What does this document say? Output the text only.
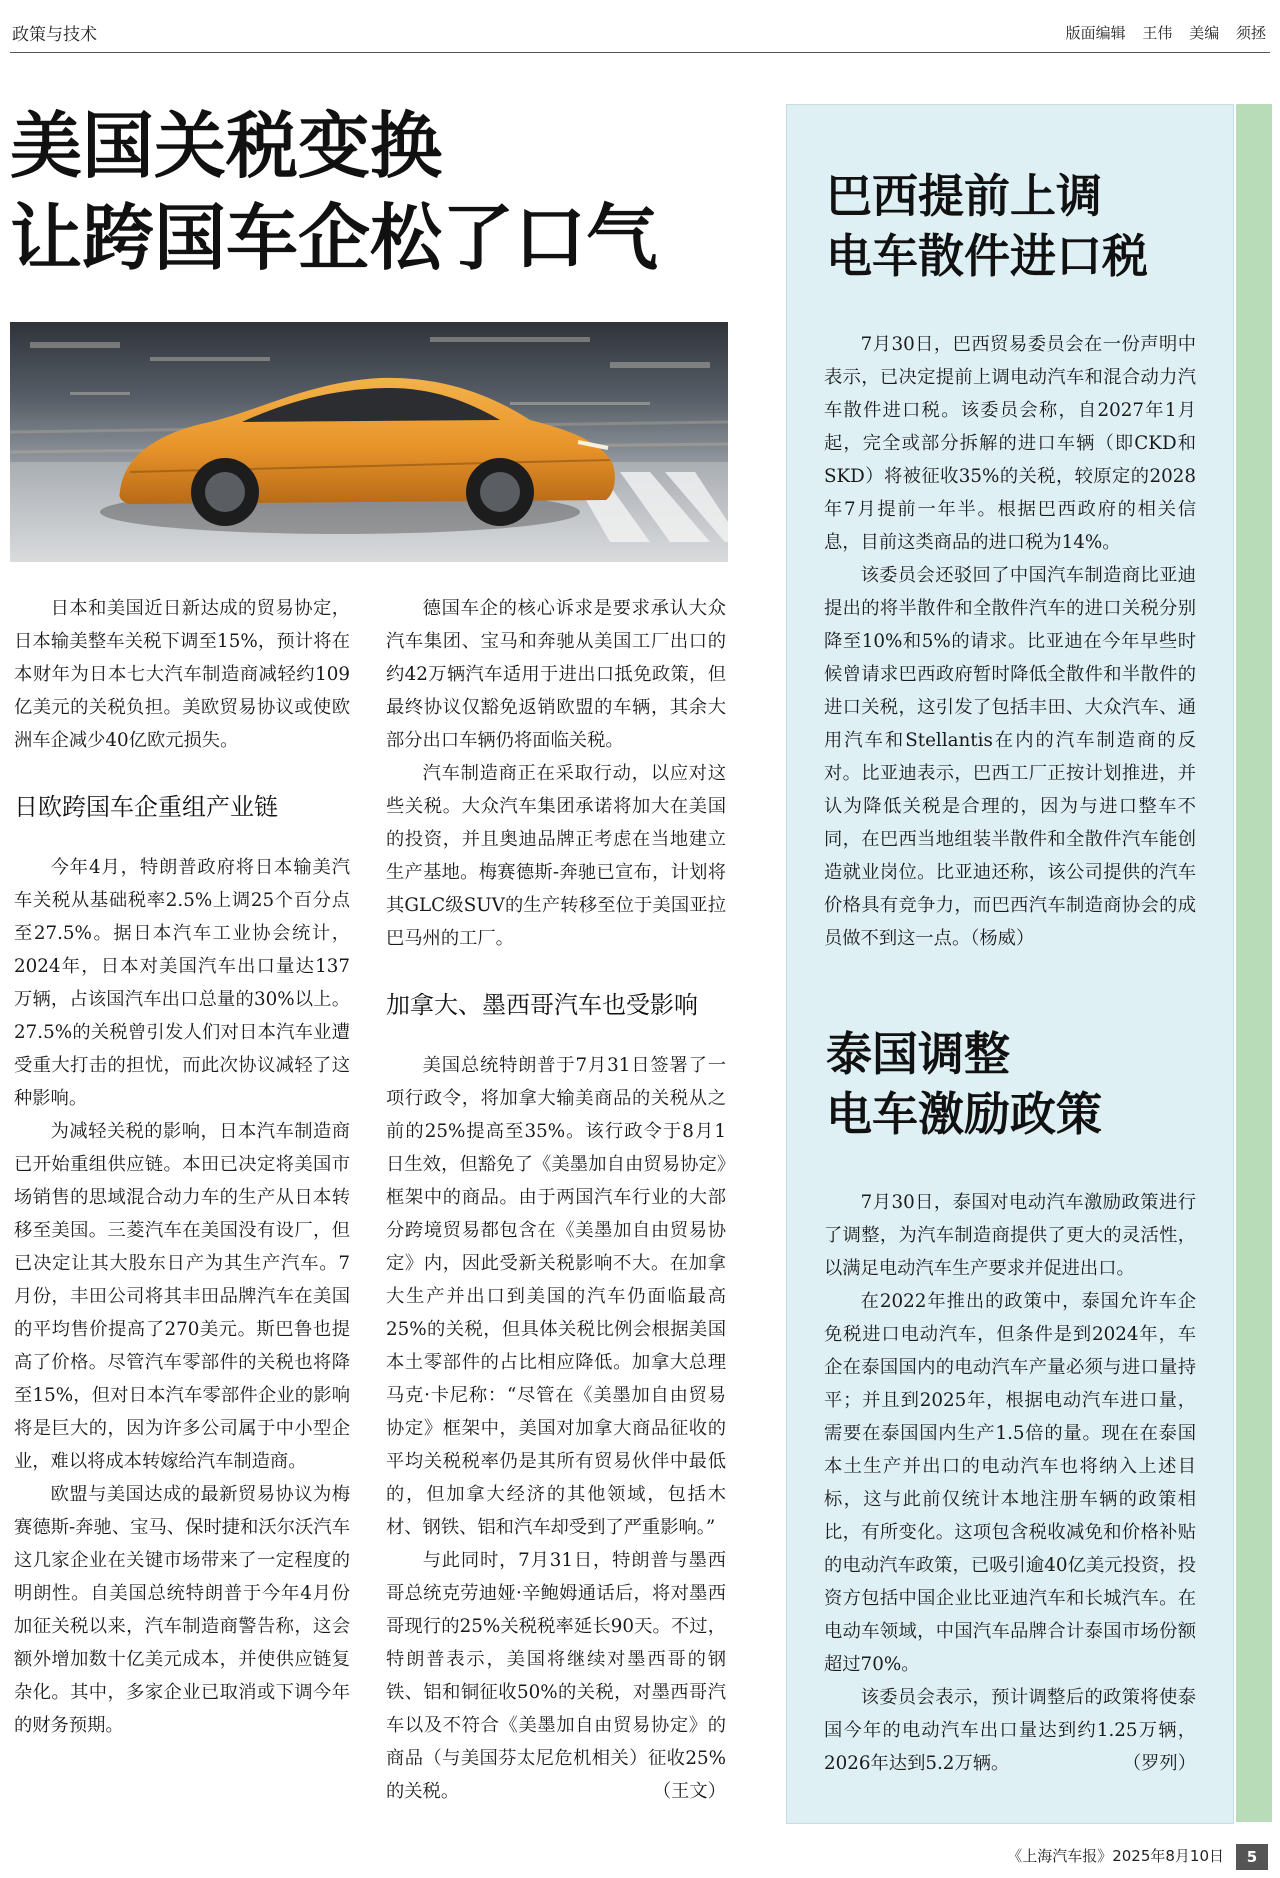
政策与技术	版面编辑 王伟 美编 须拯
美国关税变换
让跨国车企松了口气

日本和美国近日新达成的贸易协定，日本输美整车关税下调至15%，预计将在本财年为日本七大汽车制造商减轻约109亿美元的关税负担。美欧贸易协议或使欧洲车企减少40亿欧元损失。

日欧跨国车企重组产业链

今年4月，特朗普政府将日本输美汽车关税从基础税率2.5%上调25个百分点至27.5%。据日本汽车工业协会统计，2024年，日本对美国汽车出口量达137万辆，占该国汽车出口总量的30%以上。27.5%的关税曾引发人们对日本汽车业遭受重大打击的担忧，而此次协议减轻了这种影响。

为减轻关税的影响，日本汽车制造商已开始重组供应链。本田已决定将美国市场销售的思域混合动力车的生产从日本转移至美国。三菱汽车在美国没有设厂，但已决定让其大股东日产为其生产汽车。7月份，丰田公司将其丰田品牌汽车在美国的平均售价提高了270美元。斯巴鲁也提高了价格。尽管汽车零部件的关税也将降至15%，但对日本汽车零部件企业的影响将是巨大的，因为许多公司属于中小型企业，难以将成本转嫁给汽车制造商。

欧盟与美国达成的最新贸易协议为梅赛德斯-奔驰、宝马、保时捷和沃尔沃汽车这几家企业在关键市场带来了一定程度的明朗性。自美国总统特朗普于今年4月份加征关税以来，汽车制造商警告称，这会额外增加数十亿美元成本，并使供应链复杂化。其中，多家企业已取消或下调今年的财务预期。

德国车企的核心诉求是要求承认大众汽车集团、宝马和奔驰从美国工厂出口的约42万辆汽车适用于进出口抵免政策，但最终协议仅豁免返销欧盟的车辆，其余大部分出口车辆仍将面临关税。

汽车制造商正在采取行动，以应对这些关税。大众汽车集团承诺将加大在美国的投资，并且奥迪品牌正考虑在当地建立生产基地。梅赛德斯-奔驰已宣布，计划将其GLC级SUV的生产转移至位于美国亚拉巴马州的工厂。

加拿大、墨西哥汽车也受影响

美国总统特朗普于7月31日签署了一项行政令，将加拿大输美商品的关税从之前的25%提高至35%。该行政令于8月1日生效，但豁免了《美墨加自由贸易协定》框架中的商品。由于两国汽车行业的大部分跨境贸易都包含在《美墨加自由贸易协定》内，因此受新关税影响不大。在加拿大生产并出口到美国的汽车仍面临最高25%的关税，但具体关税比例会根据美国本土零部件的占比相应降低。加拿大总理马克·卡尼称：“尽管在《美墨加自由贸易协定》框架中，美国对加拿大商品征收的平均关税税率仍是其所有贸易伙伴中最低的，但加拿大经济的其他领域，包括木材、钢铁、铝和汽车却受到了严重影响。”

与此同时，7月31日，特朗普与墨西哥总统克劳迪娅·辛鲍姆通话后，将对墨西哥现行的25%关税税率延长90天。不过，特朗普表示，美国将继续对墨西哥的钢铁、铝和铜征收50%的关税，对墨西哥汽车以及不符合《美墨加自由贸易协定》的商品（与美国芬太尼危机相关）征收25%的关税。	（王文）

巴西提前上调
电车散件进口税

7月30日，巴西贸易委员会在一份声明中表示，已决定提前上调电动汽车和混合动力汽车散件进口税。该委员会称，自2027年1月起，完全或部分拆解的进口车辆（即CKD和SKD）将被征收35%的关税，较原定的2028年7月提前一年半。根据巴西政府的相关信息，目前这类商品的进口税为14%。

该委员会还驳回了中国汽车制造商比亚迪提出的将半散件和全散件汽车的进口关税分别降至10%和5%的请求。比亚迪在今年早些时候曾请求巴西政府暂时降低全散件和半散件的进口关税，这引发了包括丰田、大众汽车、通用汽车和Stellantis在内的汽车制造商的反对。比亚迪表示，巴西工厂正按计划推进，并认为降低关税是合理的，因为与进口整车不同，在巴西当地组装半散件和全散件汽车能创造就业岗位。比亚迪还称，该公司提供的汽车价格具有竞争力，而巴西汽车制造商协会的成员做不到这一点。（杨威）

泰国调整
电车激励政策

7月30日，泰国对电动汽车激励政策进行了调整，为汽车制造商提供了更大的灵活性，以满足电动汽车生产要求并促进出口。

在2022年推出的政策中，泰国允许车企免税进口电动汽车，但条件是到2024年，车企在泰国国内的电动汽车产量必须与进口量持平；并且到2025年，根据电动汽车进口量，需要在泰国国内生产1.5倍的量。现在在泰国本土生产并出口的电动汽车也将纳入上述目标，这与此前仅统计本地注册车辆的政策相比，有所变化。这项包含税收减免和价格补贴的电动汽车政策，已吸引逾40亿美元投资，投资方包括中国企业比亚迪汽车和长城汽车。在电动车领域，中国汽车品牌合计泰国市场份额超过70%。

该委员会表示，预计调整后的政策将使泰国今年的电动汽车出口量达到约1.25万辆，2026年达到5.2万辆。	（罗列）

《上海汽车报》2025年8月10日	5
